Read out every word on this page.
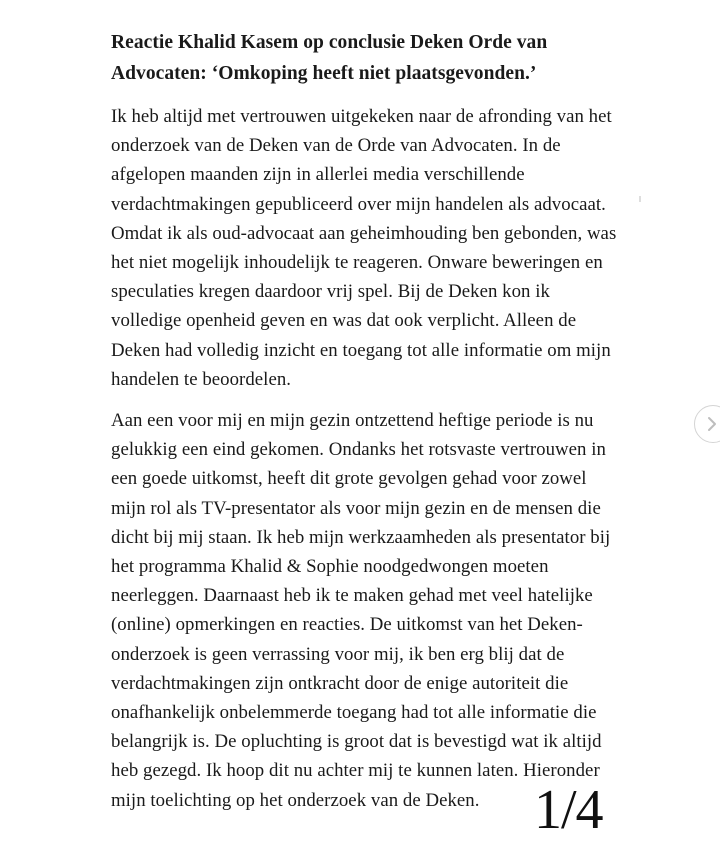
Reactie Khalid Kasem op conclusie Deken Orde van Advocaten: ‘Omkoping heeft niet plaatsgevonden.’

Ik heb altijd met vertrouwen uitgekeken naar de afronding van het
onderzoek van de Deken van de Orde van Advocaten. In de
afgelopen maanden zijn in allerlei media verschillende
verdachtmakingen gepubliceerd over mijn handelen als advocaat.
Omdat ik als oud-advocaat aan geheimhouding ben gebonden, was
het niet mogelijk inhoudelijk te reageren. Onware beweringen en
speculaties kregen daardoor vrij spel. Bij de Deken kon ik
volledige openheid geven en was dat ook verplicht. Alleen de
Deken had volledig inzicht en toegang tot alle informatie om mijn
handelen te beoordelen.

Aan een voor mij en mijn gezin ontzettend heftige periode is nu
gelukkig een eind gekomen. Ondanks het rotsvaste vertrouwen in
een goede uitkomst, heeft dit grote gevolgen gehad voor zowel
mijn rol als TV-presentator als voor mijn gezin en de mensen die
dicht bij mij staan. Ik heb mijn werkzaamheden als presentator bij
het programma Khalid & Sophie noodgedwongen moeten
neerleggen. Daarnaast heb ik te maken gehad met veel hatelijke
(online) opmerkingen en reacties. De uitkomst van het Deken-
onderzoek is geen verrassing voor mij, ik ben erg blij dat de
verdachtmakingen zijn ontkracht door de enige autoriteit die
onafhankelijk onbelemmerde toegang had tot alle informatie die
belangrijk is. De opluchting is groot dat is bevestigd wat ik altijd
heb gezegd. Ik hoop dit nu achter mij te kunnen laten. Hieronder
mijn toelichting op het onderzoek van de Deken. 1/4
